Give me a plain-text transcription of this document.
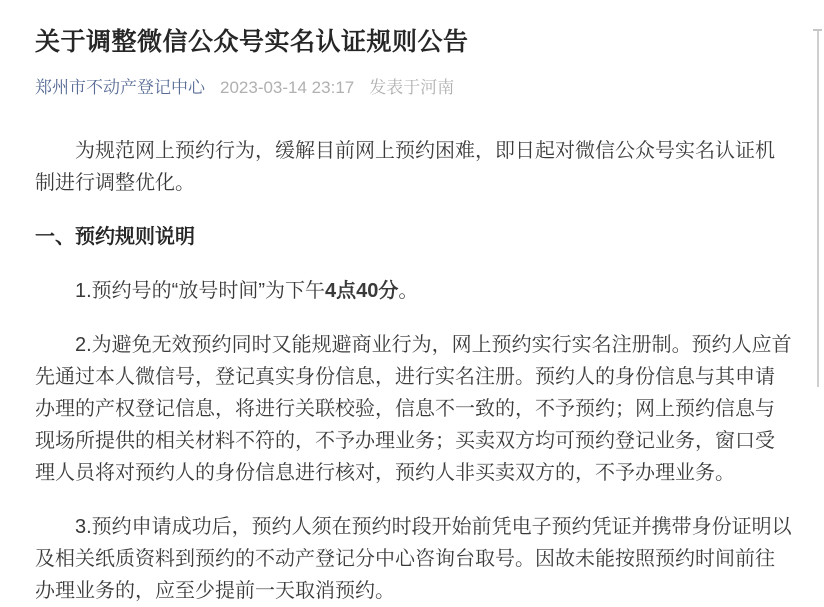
关于调整微信公众号实名认证规则公告
郑州市不动产登记中心 2023-03-14 23:17 发表于河南

为规范网上预约行为，缓解目前网上预约困难，即日起对微信公众号实名认证机制进行调整优化。

一、预约规则说明

1.预约号的“放号时间”为下午4点40分。

2.为避免无效预约同时又能规避商业行为，网上预约实行实名注册制。预约人应首先通过本人微信号，登记真实身份信息，进行实名注册。预约人的身份信息与其申请办理的产权登记信息，将进行关联校验，信息不一致的，不予预约；网上预约信息与现场所提供的相关材料不符的，不予办理业务；买卖双方均可预约登记业务，窗口受理人员将对预约人的身份信息进行核对，预约人非买卖双方的，不予办理业务。

3.预约申请成功后，预约人须在预约时段开始前凭电子预约凭证并携带身份证明以及相关纸质资料到预约的不动产登记分中心咨询台取号。因故未能按照预约时间前往办理业务的，应至少提前一天取消预约。
